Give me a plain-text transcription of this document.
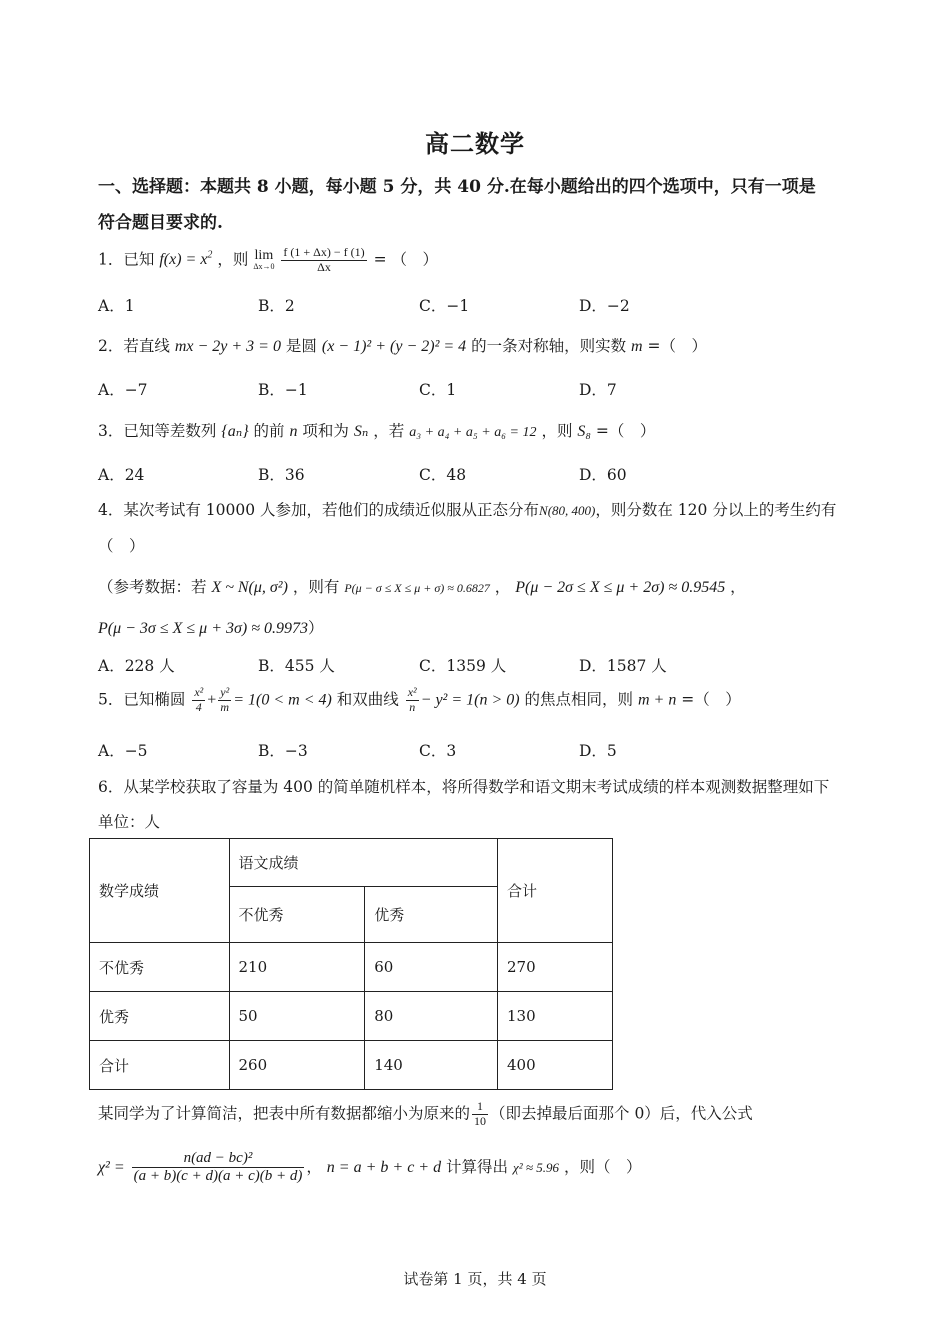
高二数学
一、选择题：本题共 8 小题，每小题 5 分，共 40 分.在每小题给出的四个选项中，只有一项是
符合题目要求的.
1．已知 $f(x) = x^2$ ，则 lim
Δx→0
$\frac{f (1 + \Delta x) - f (1)}{\Delta x}$ = （　）
A．1	B．2	C．−1	D．−2
2．若直线 mx − 2y + 3 = 0 是圆 (x − 1)² + (y − 2)² = 4 的一条对称轴，则实数 m =（　）
A．−7	B．−1	C．1	D．7
3．已知等差数列 {aₙ} 的前 n 项和为 Sₙ ，若 a₃ + a₄ + a₅ + a₆ = 12 ，则 S₈ =（　）
A．24	B．36	C．48	D．60
4．某次考试有 10000 人参加，若他们的成绩近似服从正态分布N(80, 400)，则分数在 120 分以上的考生约有
（　）
（参考数据：若 X ~ N(μ, σ²) ，则有 P(μ − σ ≤ X ≤ μ + σ) ≈ 0.6827 ， P(μ − 2σ ≤ X ≤ μ + 2σ) ≈ 0.9545 ，
P(μ − 3σ ≤ X ≤ μ + 3σ) ≈ 0.9973）
A．228 人	B．455 人	C．1359 人	D．1587 人
5．已知椭圆 $\frac{\text{x²}}{4} + \frac{\text{y²}}{m} = 1(0 < m < 4)$ 和双曲线 $\frac{\text{x²}}{n} - y^2 = 1(n > 0)$ 的焦点相同，则 m + n =（　）
A．−5	B．−3	C．3	D．5
6．从某学校获取了容量为 400 的简单随机样本，将所得数学和语文期末考试成绩的样本观测数据整理如下
单位：人
数学成绩	语文成绩		合计
	不优秀	优秀	
不优秀	210	60	270
优秀	50	80	130
合计	260	140	400
某同学为了计算简洁，把表中所有数据都缩小为原来的 $\frac{1}{10}$ （即去掉最后面那个 0）后，代入公式
$\chi^2 = \frac{\text{n(ad − bc)²}}{(a + b)(c + d)(a + c)(b + d)}$ ， n = a + b + c + d 计算得出 χ² ≈ 5.96 ，则（　）
试卷第 1 页，共 4 页
